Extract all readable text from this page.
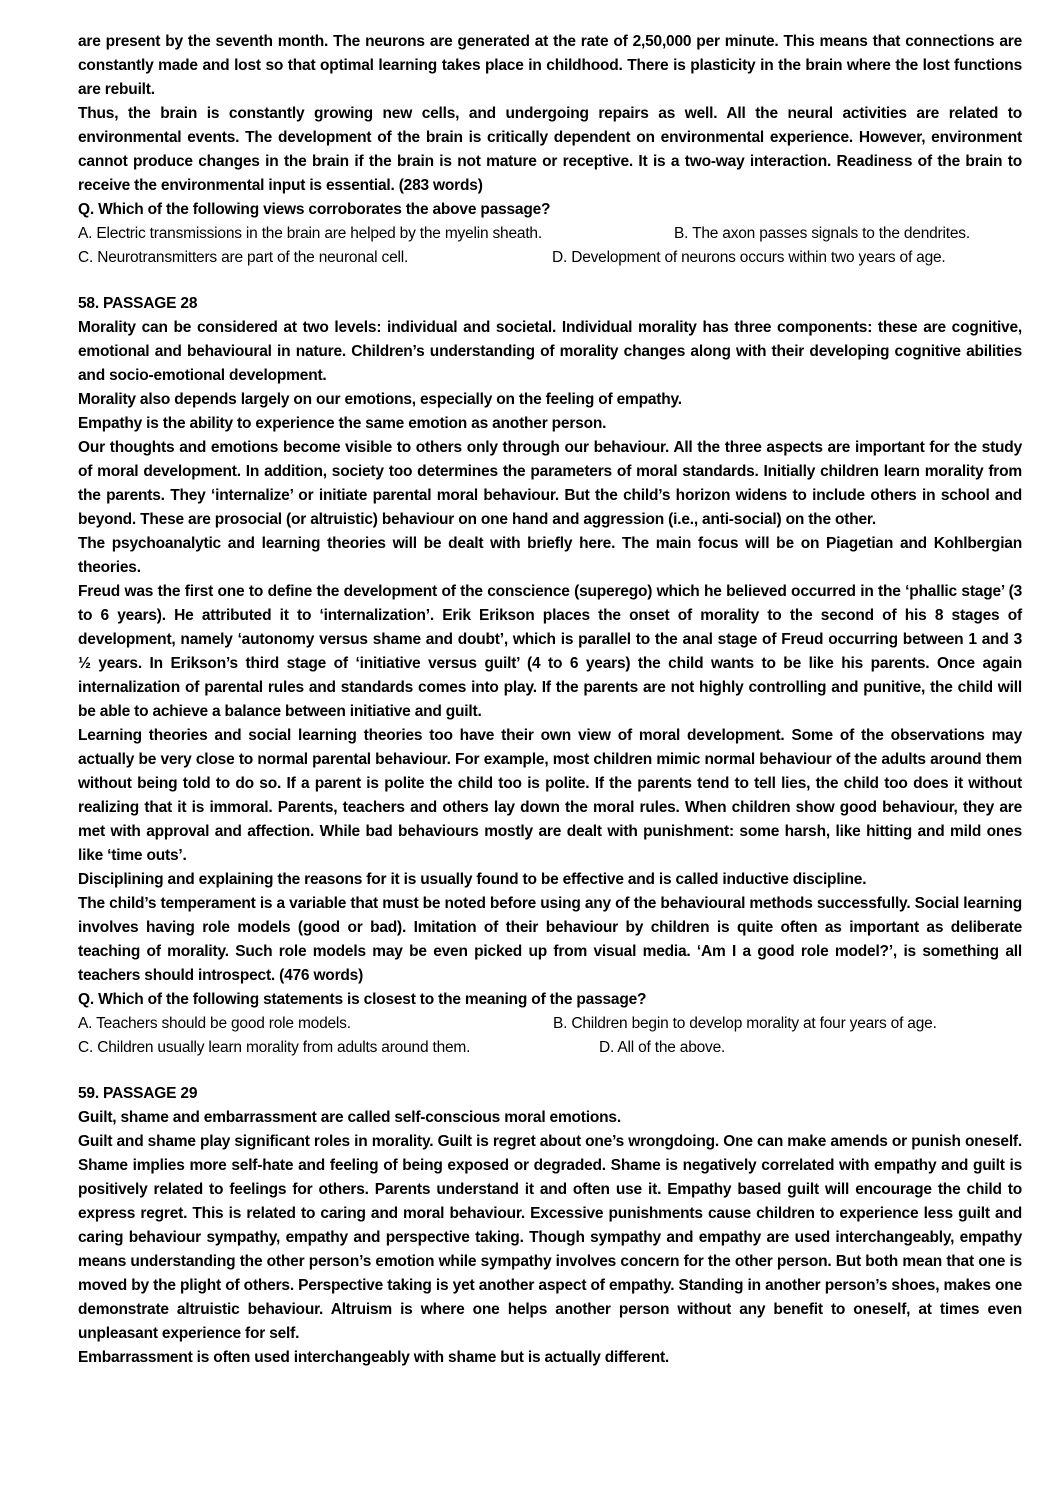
are present by the seventh month. The neurons are generated at the rate of 2,50,000 per minute. This means that connections are constantly made and lost so that optimal learning takes place in childhood. There is plasticity in the brain where the lost functions are rebuilt.

Thus, the brain is constantly growing new cells, and undergoing repairs as well. All the neural activities are related to environmental events. The development of the brain is critically dependent on environmental experience. However, environment cannot produce changes in the brain if the brain is not mature or receptive. It is a two-way interaction. Readiness of the brain to receive the environmental input is essential. (283 words)

Q. Which of the following views corroborates the above passage?

A. Electric transmissions in the brain are helped by the myelin sheath.	B. The axon passes signals to the dendrites.
C. Neurotransmitters are part of the neuronal cell.	D. Development of neurons occurs within two years of age.
58. PASSAGE 28

Morality can be considered at two levels: individual and societal. Individual morality has three components: these are cognitive, emotional and behavioural in nature. Children’s understanding of morality changes along with their developing cognitive abilities and socio-emotional development.

Morality also depends largely on our emotions, especially on the feeling of empathy.

Empathy is the ability to experience the same emotion as another person.

Our thoughts and emotions become visible to others only through our behaviour. All the three aspects are important for the study of moral development. In addition, society too determines the parameters of moral standards. Initially children learn morality from the parents. They ‘internalize’ or initiate parental moral behaviour. But the child’s horizon widens to include others in school and beyond. These are prosocial (or altruistic) behaviour on one hand and aggression (i.e., anti-social) on the other.

The psychoanalytic and learning theories will be dealt with briefly here. The main focus will be on Piagetian and Kohlbergian theories.

Freud was the first one to define the development of the conscience (superego) which he believed occurred in the ‘phallic stage’ (3 to 6 years). He attributed it to ‘internalization’. Erik Erikson places the onset of morality to the second of his 8 stages of development, namely ‘autonomy versus shame and doubt’, which is parallel to the anal stage of Freud occurring between 1 and 3 ½ years. In Erikson’s third stage of ‘initiative versus guilt’ (4 to 6 years) the child wants to be like his parents. Once again internalization of parental rules and standards comes into play. If the parents are not highly controlling and punitive, the child will be able to achieve a balance between initiative and guilt.

Learning theories and social learning theories too have their own view of moral development. Some of the observations may actually be very close to normal parental behaviour. For example, most children mimic normal behaviour of the adults around them without being told to do so. If a parent is polite the child too is polite. If the parents tend to tell lies, the child too does it without realizing that it is immoral. Parents, teachers and others lay down the moral rules. When children show good behaviour, they are met with approval and affection. While bad behaviours mostly are dealt with punishment: some harsh, like hitting and mild ones like ‘time outs’.

Disciplining and explaining the reasons for it is usually found to be effective and is called inductive discipline.

The child’s temperament is a variable that must be noted before using any of the behavioural methods successfully. Social learning involves having role models (good or bad). Imitation of their behaviour by children is quite often as important as deliberate teaching of morality. Such role models may be even picked up from visual media. ‘Am I a good role model?’, is something all teachers should introspect. (476 words)

Q. Which of the following statements is closest to the meaning of the passage?

A. Teachers should be good role models.	B. Children begin to develop morality at four years of age.
C. Children usually learn morality from adults around them.	D. All of the above.
59. PASSAGE 29

Guilt, shame and embarrassment are called self-conscious moral emotions.

Guilt and shame play significant roles in morality. Guilt is regret about one’s wrongdoing. One can make amends or punish oneself. Shame implies more self-hate and feeling of being exposed or degraded. Shame is negatively correlated with empathy and guilt is positively related to feelings for others. Parents understand it and often use it. Empathy based guilt will encourage the child to express regret. This is related to caring and moral behaviour. Excessive punishments cause children to experience less guilt and caring behaviour sympathy, empathy and perspective taking. Though sympathy and empathy are used interchangeably, empathy means understanding the other person’s emotion while sympathy involves concern for the other person. But both mean that one is moved by the plight of others. Perspective taking is yet another aspect of empathy. Standing in another person’s shoes, makes one demonstrate altruistic behaviour. Altruism is where one helps another person without any benefit to oneself, at times even unpleasant experience for self.

Embarrassment is often used interchangeably with shame but is actually different.
